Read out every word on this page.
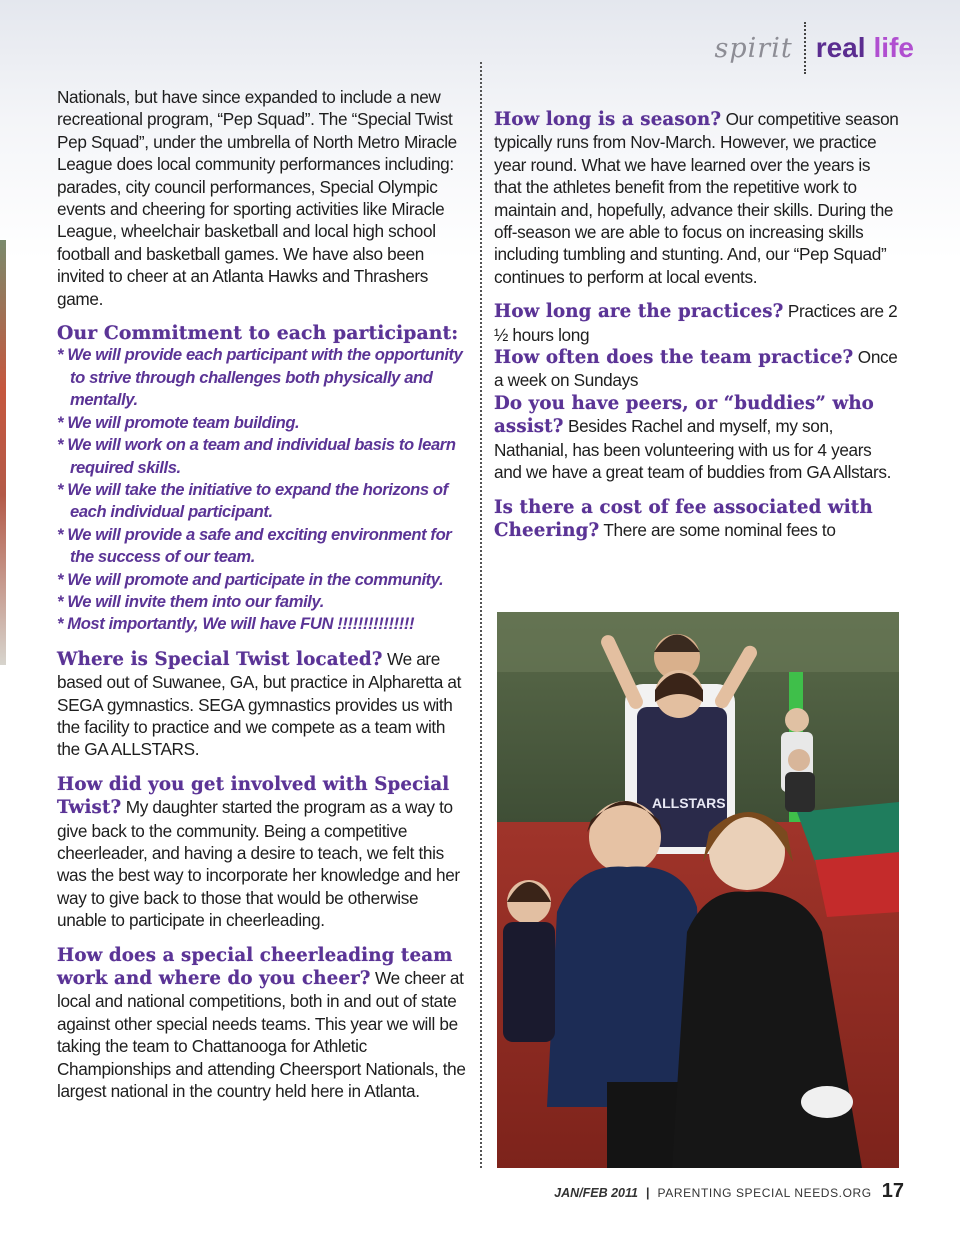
spirit real life

Nationals, but have since expanded to include a new recreational program, “Pep Squad”. The “Special Twist Pep Squad”, under the umbrella of North Metro Miracle League does local community performances including: parades, city council performances, Special Olympic events and cheering for sporting activities like Miracle League, wheelchair basketball and local high school football and basketball games. We have also been invited to cheer at an Atlanta Hawks and Thrashers game.

Our Commitment to each participant:
* We will provide each participant with the opportunity to strive through challenges both physically and mentally.
* We will promote team building.
* We will work on a team and individual basis to learn required skills.
* We will take the initiative to expand the horizons of each individual participant.
* We will provide a safe and exciting environment for the success of our team.
* We will promote and participate in the community.
* We will invite them into our family.
* Most importantly, We will have FUN !!!!!!!!!!!!!!!

Where is Special Twist located? We are based out of Suwanee, GA, but practice in Alpharetta at SEGA gymnastics. SEGA gymnastics provides us with the facility to practice and we compete as a team with the GA ALLSTARS.

How did you get involved with Special Twist? My daughter started the program as a way to give back to the community. Being a competitive cheerleader, and having a desire to teach, we felt this was the best way to incorporate her knowledge and her way to give back to those that would be otherwise unable to participate in cheerleading.

How does a special cheerleading team work and where do you cheer? We cheer at local and national competitions, both in and out of state against other special needs teams. This year we will be taking the team to Chattanooga for Athletic Championships and attending Cheersport Nationals, the largest national in the country held here in Atlanta.

How long is a season? Our competitive season typically runs from Nov-March. However, we practice year round. What we have learned over the years is that the athletes benefit from the repetitive work to maintain and, hopefully, advance their skills. During the off-season we are able to focus on increasing skills including tumbling and stunting. And, our “Pep Squad” continues to perform at local events.

How long are the practices? Practices are 2 ½ hours long

How often does the team practice? Once a week on Sundays

Do you have peers, or “buddies” who assist? Besides Rachel and myself, my son, Nathanial, has been volunteering with us for 4 years and we have a great team of buddies from GA Allstars.

Is there a cost of fee associated with Cheering? There are some nominal fees to

ALLSTARS
JAN/FEB 2011 | PARENTING SPECIAL NEEDS.ORG 17
